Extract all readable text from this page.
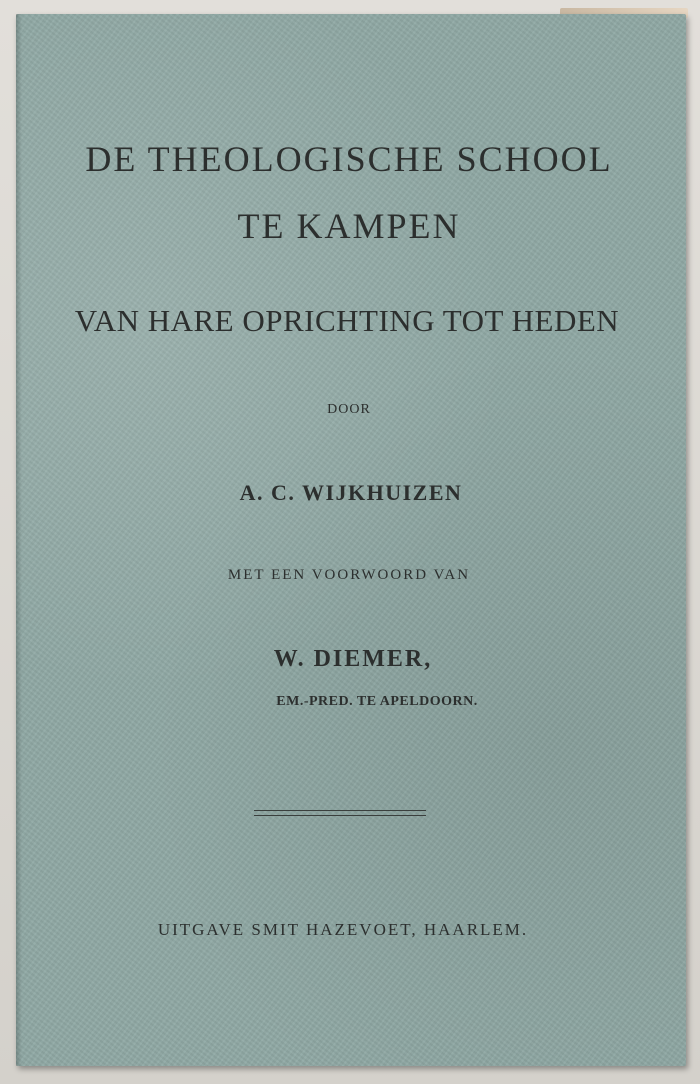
DE THEOLOGISCHE SCHOOL
TE KAMPEN
VAN HARE OPRICHTING TOT HEDEN
DOOR
A. C. WIJKHUIZEN
MET EEN VOORWOORD VAN
W. DIEMER,
EM.-PRED. TE APELDOORN.
UITGAVE SMIT HAZEVOET, HAARLEM.
